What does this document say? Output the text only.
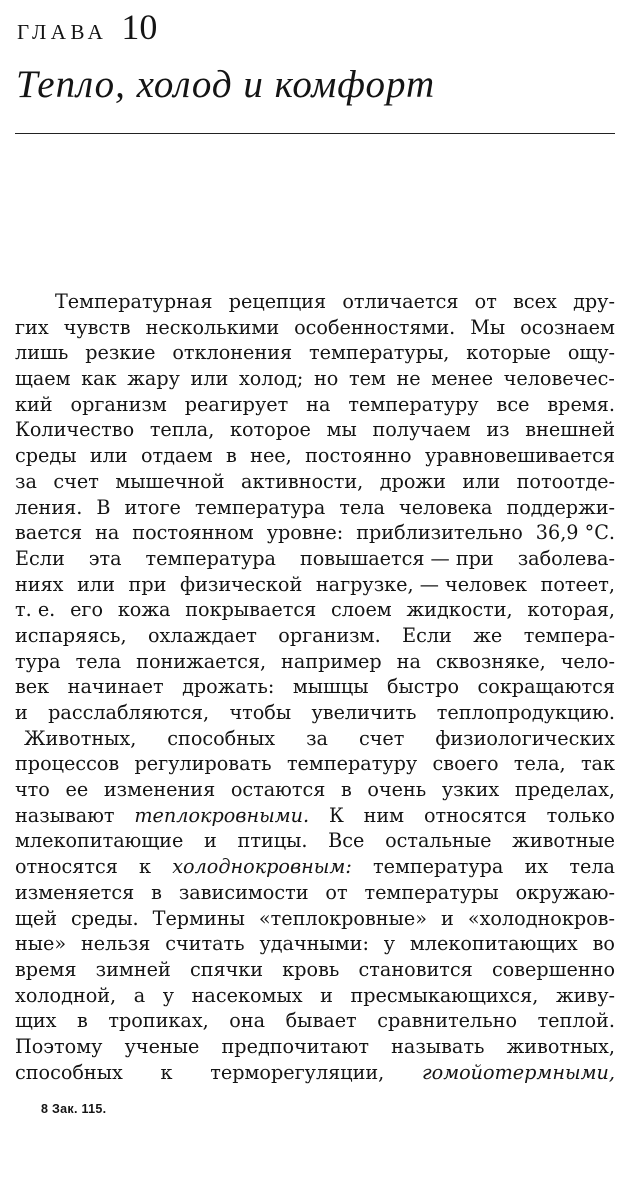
ГЛАВА 10
Тепло, холод и комфорт
Температурная рецепция отличается от всех дру-
гих чувств несколькими особенностями. Мы осознаем
лишь резкие отклонения температуры, которые ощу-
щаем как жару или холод; но тем не менее человечес-
кий организм реагирует на температуру все время.
Количество тепла, которое мы получаем из внешней
среды или отдаем в нее, постоянно уравновешивается
за счет мышечной активности, дрожи или потоотде-
ления. В итоге температура тела человека поддержи-
вается на постоянном уровне: приблизительно 36,9 °С.
Если эта температура повышается — при заболева-
ниях или при физической нагрузке, — человек потеет,
т. е. его кожа покрывается слоем жидкости, которая,
испаряясь, охлаждает организм. Если же темпера-
тура тела понижается, например на сквозняке, чело-
век начинает дрожать: мышцы быстро сокращаются
и расслабляются, чтобы увеличить теплопродукцию.
Животных, способных за счет физиологических
процессов регулировать температуру своего тела, так
что ее изменения остаются в очень узких пределах,
называют теплокровными. К ним относятся только
млекопитающие и птицы. Все остальные животные
относятся к холоднокровным: температура их тела
изменяется в зависимости от температуры окружаю-
щей среды. Термины «теплокровные» и «холоднокров-
ные» нельзя считать удачными: у млекопитающих во
время зимней спячки кровь становится совершенно
холодной, а у насекомых и пресмыкающихся, живу-
щих в тропиках, она бывает сравнительно теплой.
Поэтому ученые предпочитают называть животных,
способных к терморегуляции, гомойотермными,
8 Зак. 115.
